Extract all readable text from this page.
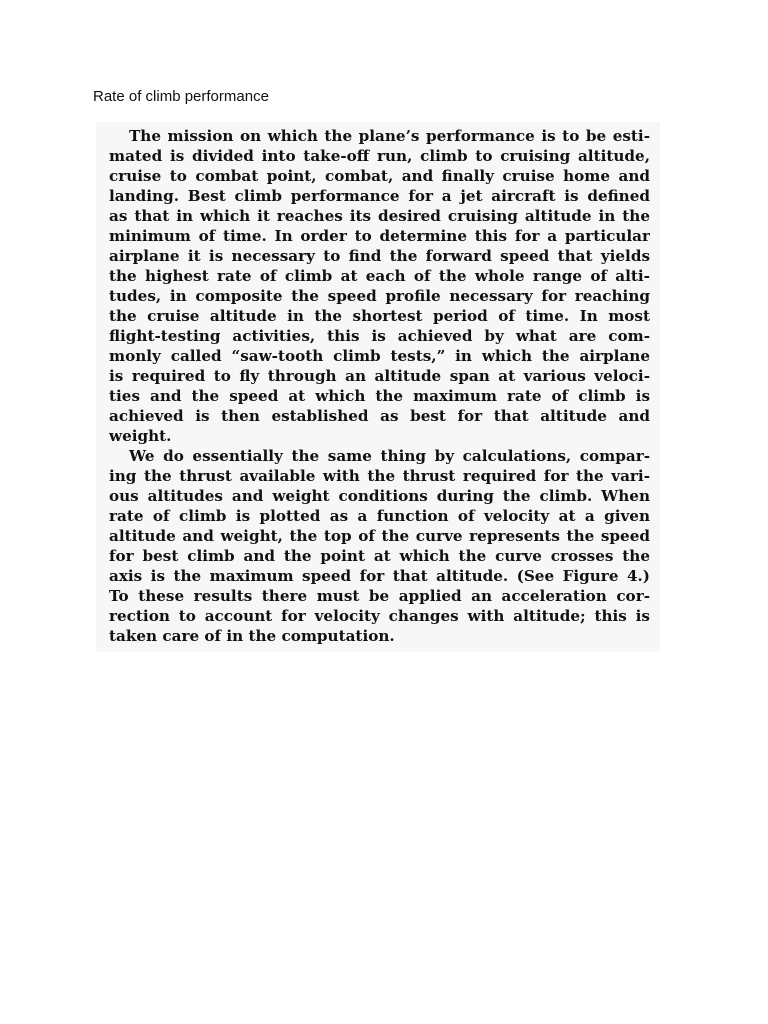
Rate of climb performance
The mission on which the plane’s performance is to be esti-
mated is divided into take-off run, climb to cruising altitude,
cruise to combat point, combat, and finally cruise home and
landing. Best climb performance for a jet aircraft is defined
as that in which it reaches its desired cruising altitude in the
minimum of time. In order to determine this for a particular
airplane it is necessary to find the forward speed that yields
the highest rate of climb at each of the whole range of alti-
tudes, in composite the speed profile necessary for reaching
the cruise altitude in the shortest period of time. In most
flight-testing activities, this is achieved by what are com-
monly called “saw-tooth climb tests,” in which the airplane
is required to fly through an altitude span at various veloci-
ties and the speed at which the maximum rate of climb is
achieved is then established as best for that altitude and
weight.
We do essentially the same thing by calculations, compar-
ing the thrust available with the thrust required for the vari-
ous altitudes and weight conditions during the climb. When
rate of climb is plotted as a function of velocity at a given
altitude and weight, the top of the curve represents the speed
for best climb and the point at which the curve crosses the
axis is the maximum speed for that altitude. (See Figure 4.)
To these results there must be applied an acceleration cor-
rection to account for velocity changes with altitude; this is
taken care of in the computation.
